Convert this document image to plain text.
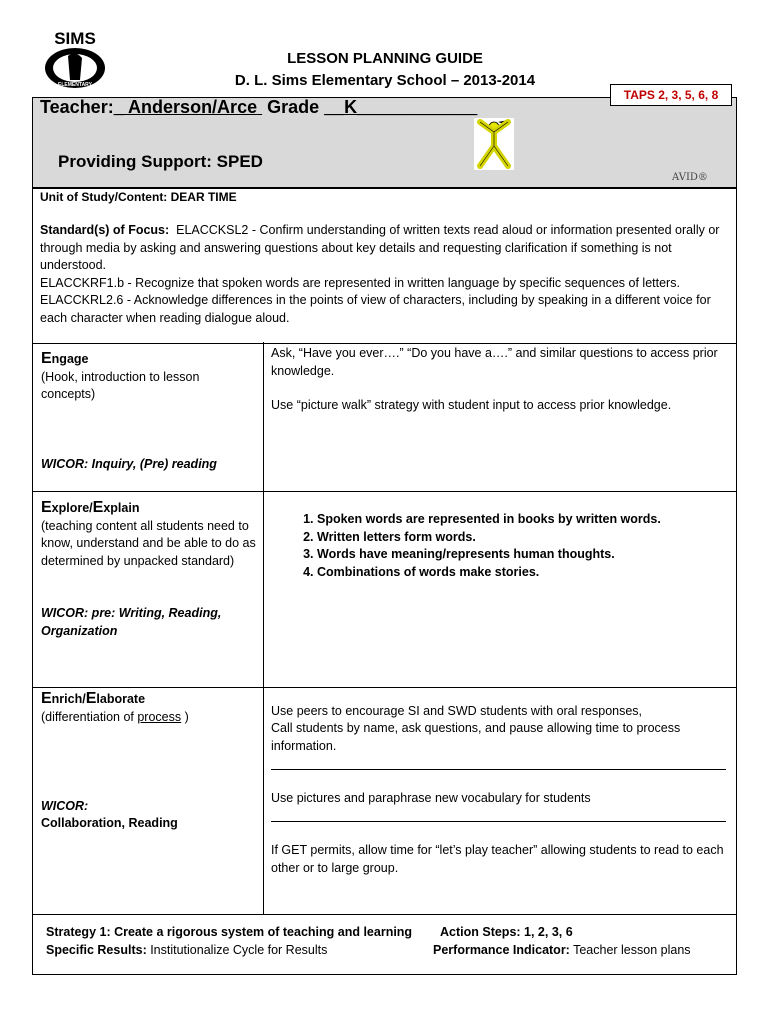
SIMS
ELEMENTARY
LESSON PLANNING GUIDE
D. L. Sims Elementary School – 2013-2014
TAPS 2, 3, 5, 6, 8
Teacher:_ Anderson/Arce  Grade __K____________
Providing Support: SPED
AVID®
Unit of Study/Content: DEAR TIME
Standard(s) of Focus: ELACCKSL2 - Confirm understanding of written texts read aloud or information presented orally or through media by asking and answering questions about key details and requesting clarification if something is not understood.
ELACCKRF1.b - Recognize that spoken words are represented in written language by specific sequences of letters.
ELACCKRL2.6 - Acknowledge differences in the points of view of characters, including by speaking in a different voice for each character when reading dialogue aloud.
Engage
(Hook, introduction to lesson concepts)
WICOR: Inquiry, (Pre) reading
Ask, “Have you ever….” “Do you have a….” and similar questions to access prior knowledge.
Use “picture walk” strategy with student input to access prior knowledge.
Explore/Explain
(teaching content all students need to know, understand and be able to do as determined by unpacked standard)
WICOR: pre: Writing, Reading, Organization
1. Spoken words are represented in books by written words.
2. Written letters form words.
3. Words have meaning/represents human thoughts.
4. Combinations of words make stories.
Enrich/Elaborate
(differentiation of process )
WICOR:
Collaboration, Reading
Use peers to encourage SI and SWD students with oral responses,
Call students by name, ask questions, and pause allowing time to process information.
Use pictures and paraphrase new vocabulary for students
If GET permits, allow time for “let’s play teacher” allowing students to read to each other or to large group.
Strategy 1: Create a rigorous system of teaching and learning
Specific Results: Institutionalize Cycle for Results
Action Steps: 1, 2, 3, 6
Performance Indicator: Teacher lesson plans
